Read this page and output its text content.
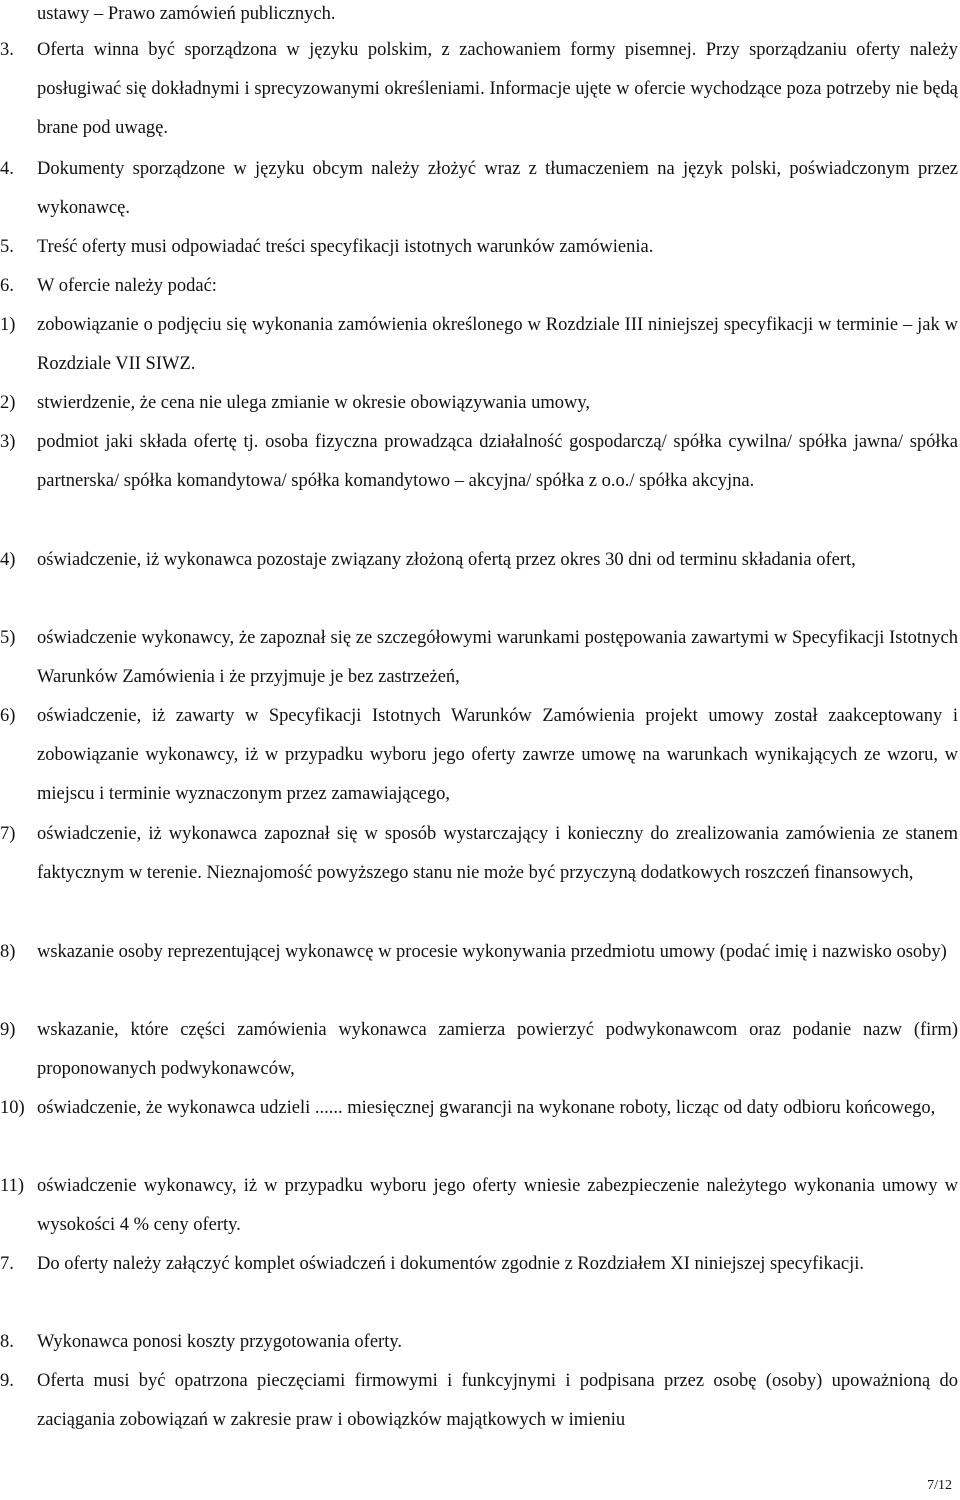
ustawy – Prawo zamówień publicznych.
3. Oferta winna być sporządzona w języku polskim, z zachowaniem formy pisemnej. Przy sporządzaniu oferty należy posługiwać się dokładnymi i sprecyzowanymi określeniami. Informacje ujęte w ofercie wychodzące poza potrzeby nie będą brane pod uwagę.
4. Dokumenty sporządzone w języku obcym należy złożyć wraz z tłumaczeniem na język polski, poświadczonym przez wykonawcę.
5. Treść oferty musi odpowiadać treści specyfikacji istotnych warunków zamówienia.
6. W ofercie należy podać:
1) zobowiązanie o podjęciu się wykonania zamówienia określonego w Rozdziale III niniejszej specyfikacji w terminie – jak w Rozdziale VII SIWZ.
2) stwierdzenie, że cena nie ulega zmianie w okresie obowiązywania umowy,
3) podmiot jaki składa ofertę tj. osoba fizyczna prowadząca działalność gospodarczą/ spółka cywilna/ spółka jawna/ spółka partnerska/ spółka komandytowa/ spółka komandytowo – akcyjna/ spółka z o.o./ spółka akcyjna.
4) oświadczenie, iż wykonawca pozostaje związany złożoną ofertą przez okres 30 dni od terminu składania ofert,
5) oświadczenie wykonawcy, że zapoznał się ze szczegółowymi warunkami postępowania zawartymi w Specyfikacji Istotnych Warunków Zamówienia i że przyjmuje je bez zastrzeżeń,
6) oświadczenie, iż zawarty w Specyfikacji Istotnych Warunków Zamówienia projekt umowy został zaakceptowany i zobowiązanie wykonawcy, iż w przypadku wyboru jego oferty zawrze umowę na warunkach wynikających ze wzoru, w miejscu i terminie wyznaczonym przez zamawiającego,
7) oświadczenie, iż wykonawca zapoznał się w sposób wystarczający i konieczny do zrealizowania zamówienia ze stanem faktycznym w terenie. Nieznajomość powyższego stanu nie może być przyczyną dodatkowych roszczeń finansowych,
8) wskazanie osoby reprezentującej wykonawcę w procesie wykonywania przedmiotu umowy (podać imię i nazwisko osoby)
9) wskazanie, które części zamówienia wykonawca zamierza powierzyć podwykonawcom oraz podanie nazw (firm) proponowanych podwykonawców,
10) oświadczenie, że wykonawca udzieli ...... miesięcznej gwarancji na wykonane roboty, licząc od daty odbioru końcowego,
11) oświadczenie wykonawcy, iż w przypadku wyboru jego oferty wniesie zabezpieczenie należytego wykonania umowy w wysokości 4 % ceny oferty.
7. Do oferty należy załączyć komplet oświadczeń i dokumentów zgodnie z Rozdziałem XI niniejszej specyfikacji.
8. Wykonawca ponosi koszty przygotowania oferty.
9. Oferta musi być opatrzona pieczęciami firmowymi i funkcyjnymi i podpisana przez osobę (osoby) upoważnioną do zaciągania zobowiązań w zakresie praw i obowiązków majątkowych w imieniu
7/12
